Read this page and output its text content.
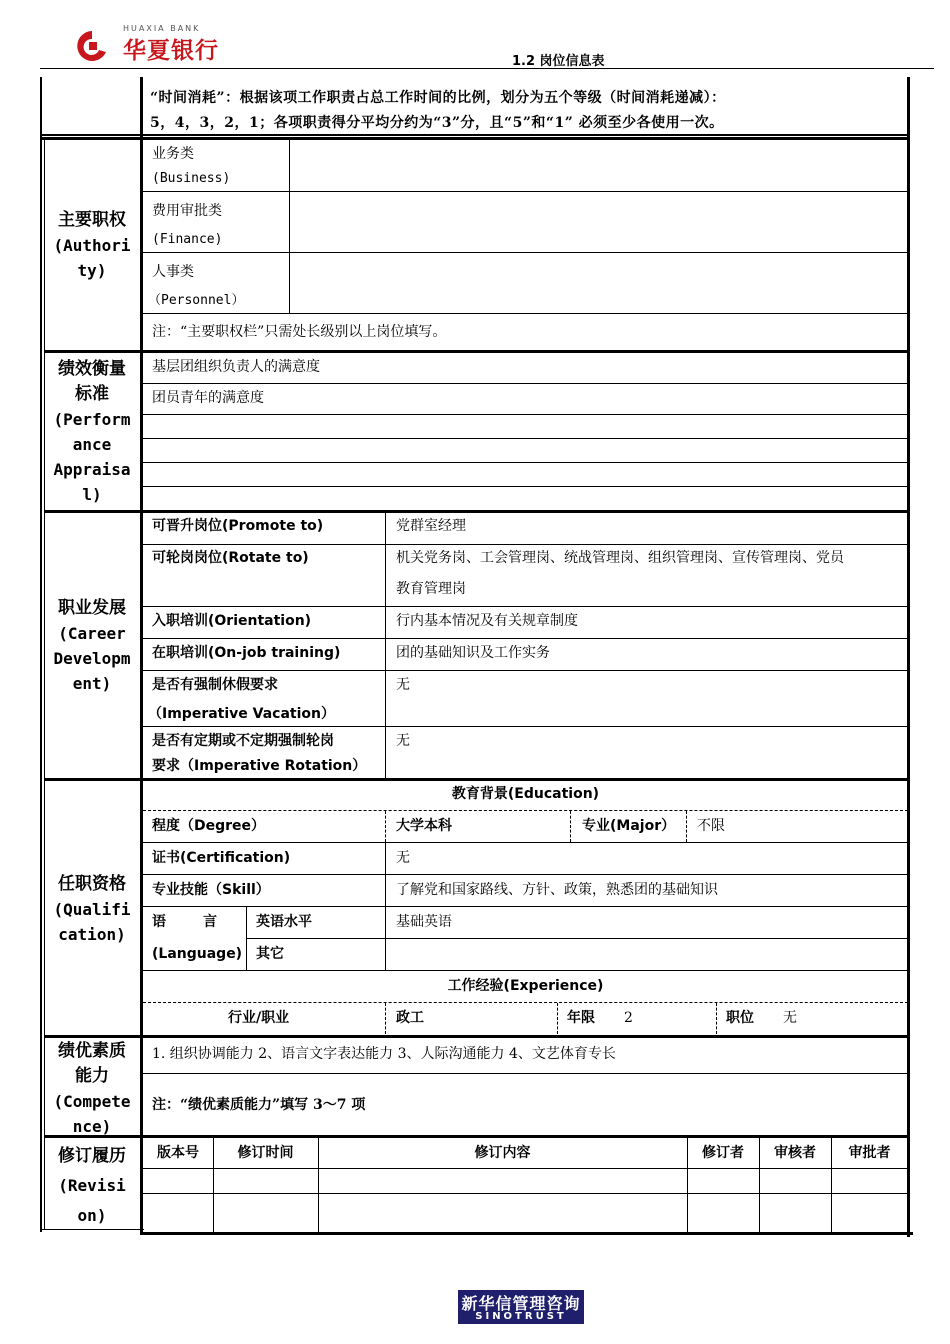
HUAXIA BANK
华夏银行	1.2 岗位信息表
“时间消耗”：根据该项工作职责占总工作时间的比例，划分为五个等级（时间消耗递减）：
5，4，3，2，1；各项职责得分平均分约为“3”分，且“5”和“1” 必须至少各使用一次。
主要职权
(Authori
ty)
业务类
(Business)
费用审批类
(Finance)
人事类
（Personnel）
注：“主要职权栏”只需处长级别以上岗位填写。
绩效衡量
标准
(Perform
ance
Appraisa
l)
基层团组织负责人的满意度
团员青年的满意度
职业发展
(Career
Developm
ent)
可晋升岗位(Promote to)	党群室经理
可轮岗岗位(Rotate to)	机关党务岗、工会管理岗、统战管理岗、组织管理岗、宣传管理岗、党员
教育管理岗
入职培训(Orientation)	行内基本情况及有关规章制度
在职培训(On-job training)	团的基础知识及工作实务
是否有强制休假要求
（Imperative Vacation）
无
是否有定期或不定期强制轮岗
要求（Imperative Rotation）
无
任职资格
(Qualifi
cation)
教育背景(Education)
程度（Degree）	大学本科	专业(Major） 不限
证书(Certification)	无
专业技能（Skill）	了解党和国家路线、方针、政策，熟悉团的基础知识
语　　言
(Language)
英语水平	基础英语
其它
工作经验(Experience)
行业/职业	政工	年限 2	职位 无
绩优素质
能力
(Compete
nce)
1. 组织协调能力 2、语言文字表达能力 3、人际沟通能力 4、文艺体育专长
注：“绩优素质能力”填写 3～7 项
修订履历
(Revisi
on)
版本号	修订时间	修订内容	修订者	审核者	审批者
新华信管理咨询
SINOTRUST
